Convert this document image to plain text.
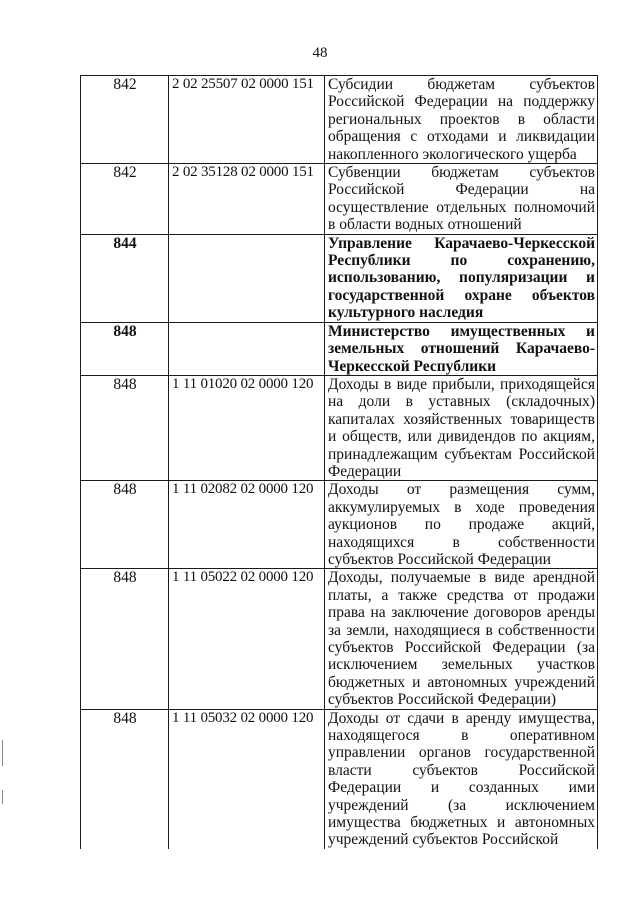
48
842	2 02 25507 02 0000 151	Субсидии бюджетам субъектов Российской Федерации на поддержку региональных проектов в области обращения с отходами и ликвидации накопленного экологического ущерба
842	2 02 35128 02 0000 151	Субвенции бюджетам субъектов Российской Федерации на осуществление отдельных полномочий в области водных отношений
844		Управление Карачаево-Черкесской Республики по сохранению, использованию, популяризации и государственной охране объектов культурного наследия
848		Министерство имущественных и земельных отношений Карачаево-Черкесской Республики
848	1 11 01020 02 0000 120	Доходы в виде прибыли, приходящейся на доли в уставных (складочных) капиталах хозяйственных товариществ и обществ, или дивидендов по акциям, принадлежащим субъектам Российской Федерации
848	1 11 02082 02 0000 120	Доходы от размещения сумм, аккумулируемых в ходе проведения аукционов по продаже акций, находящихся в собственности субъектов Российской Федерации
848	1 11 05022 02 0000 120	Доходы, получаемые в виде арендной платы, а также средства от продажи права на заключение договоров аренды за земли, находящиеся в собственности субъектов Российской Федерации (за исключением земельных участков бюджетных и автономных учреждений субъектов Российской Федерации)
848	1 11 05032 02 0000 120	Доходы от сдачи в аренду имущества, находящегося в оперативном управлении органов государственной власти субъектов Российской Федерации и созданных ими учреждений (за исключением имущества бюджетных и автономных учреждений субъектов Российской
